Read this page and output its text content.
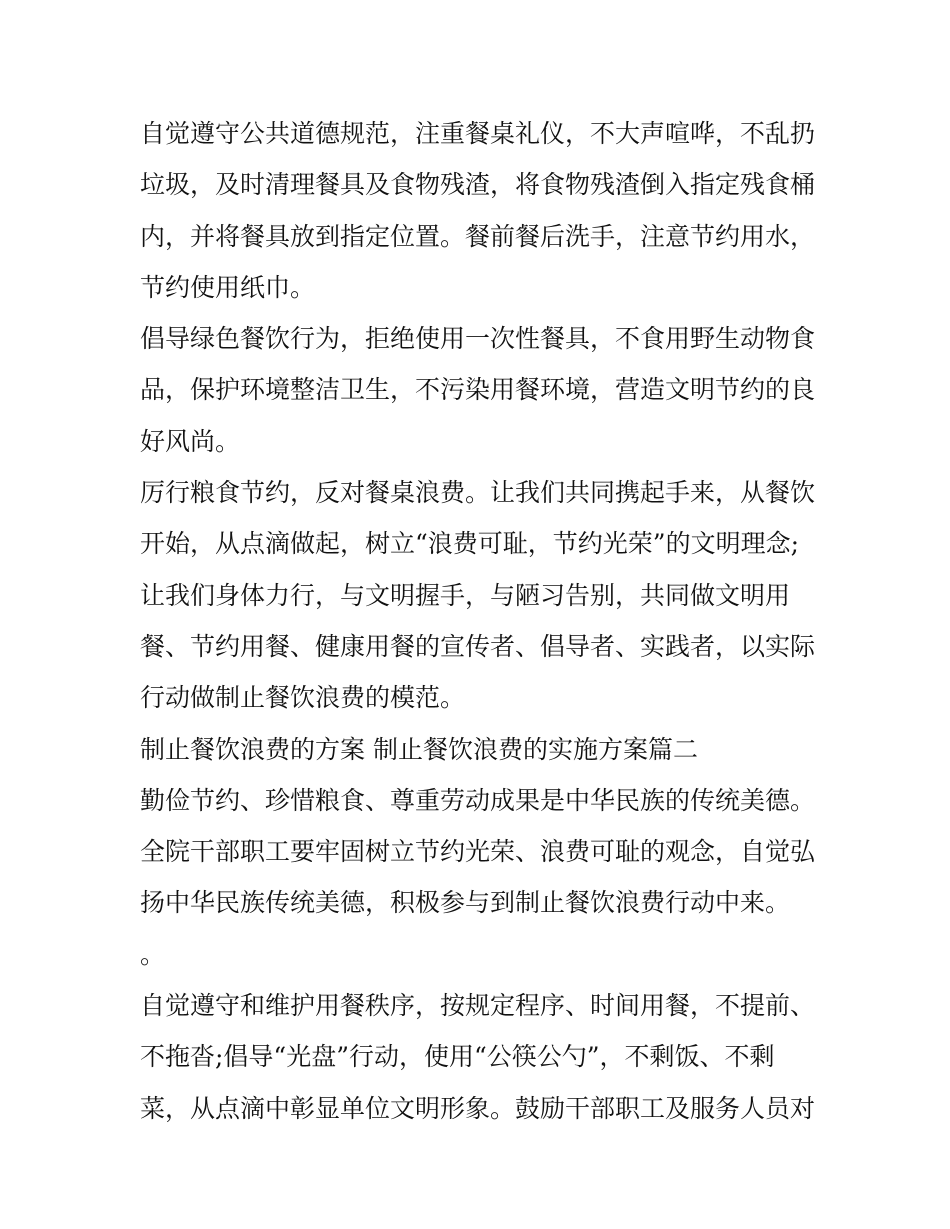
自觉遵守公共道德规范，注重餐桌礼仪，不大声喧哗，不乱扔
垃圾，及时清理餐具及食物残渣，将食物残渣倒入指定残食桶
内，并将餐具放到指定位置。餐前餐后洗手，注意节约用水，
节约使用纸巾。
倡导绿色餐饮行为，拒绝使用一次性餐具，不食用野生动物食
品，保护环境整洁卫生，不污染用餐环境，营造文明节约的良
好风尚。
厉行粮食节约，反对餐桌浪费。让我们共同携起手来，从餐饮
开始，从点滴做起，树立“浪费可耻，节约光荣”的文明理念;
让我们身体力行，与文明握手，与陋习告别，共同做文明用
餐、节约用餐、健康用餐的宣传者、倡导者、实践者，以实际
行动做制止餐饮浪费的模范。
制止餐饮浪费的方案 制止餐饮浪费的实施方案篇二
勤俭节约、珍惜粮食、尊重劳动成果是中华民族的传统美德。
全院干部职工要牢固树立节约光荣、浪费可耻的观念，自觉弘
扬中华民族传统美德，积极参与到制止餐饮浪费行动中来。
。
自觉遵守和维护用餐秩序，按规定程序、时间用餐，不提前、
不拖沓;倡导“光盘”行动，使用“公筷公勺”，不剩饭、不剩
菜，从点滴中彰显单位文明形象。鼓励干部职工及服务人员对
